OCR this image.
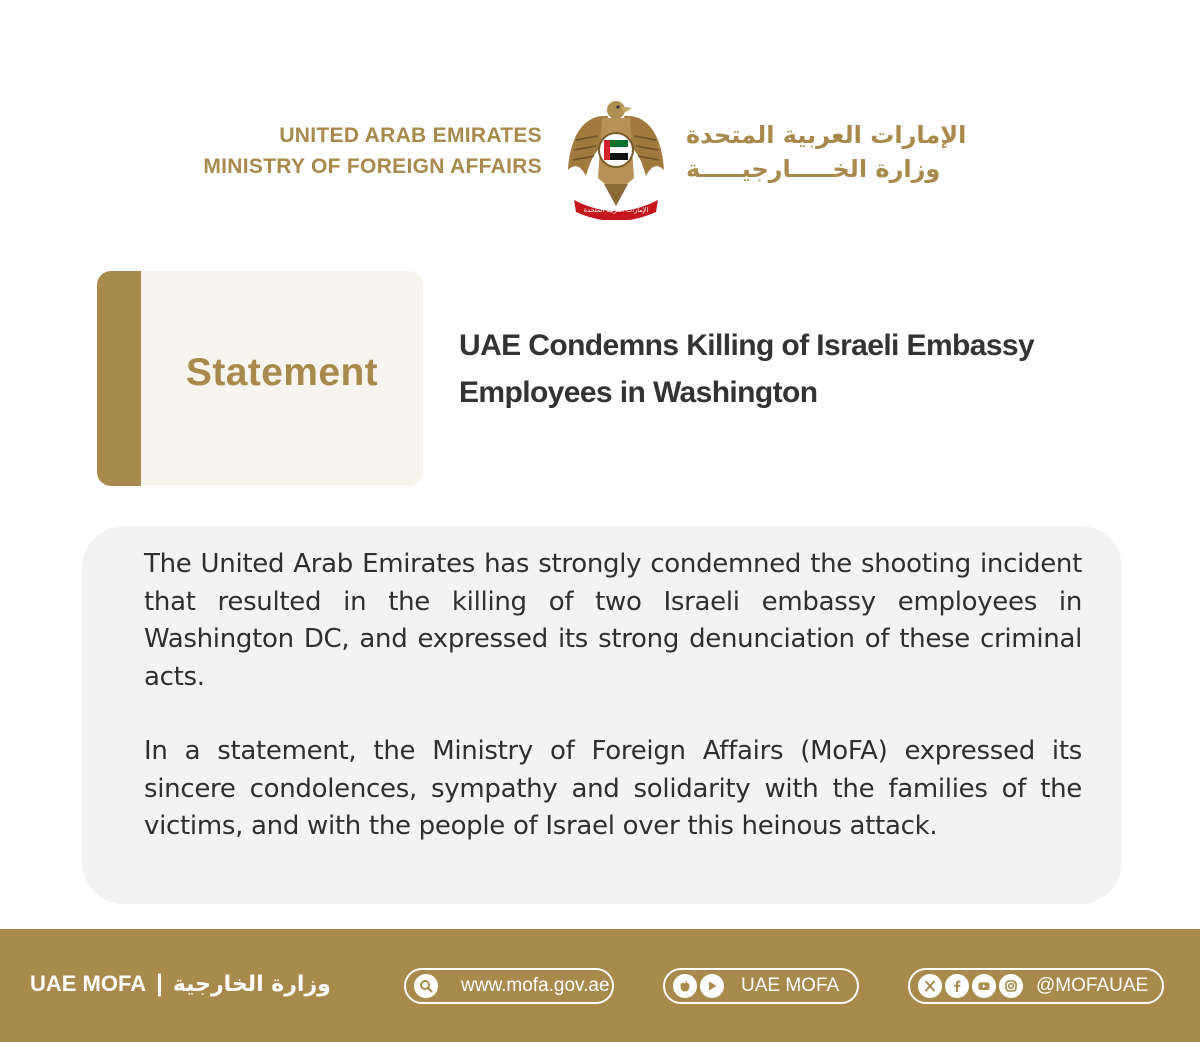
UNITED ARAB EMIRATES
MINISTRY OF FOREIGN AFFAIRS
الإمارات العربية المتحدة
الإمارات العربية المتحدة
وزارة الخـــــارجيـــــة
Statement
UAE Condemns Killing of Israeli Embassy
Employees in Washington

The United Arab Emirates has strongly condemned the shooting incident that resulted in the killing of two Israeli embassy employees in Washington DC, and expressed its strong denunciation of these criminal acts.

In a statement, the Ministry of Foreign Affairs (MoFA) expressed its sincere condolences, sympathy and solidarity with the families of the victims, and with the people of Israel over this heinous attack.

UAE MOFA | وزارة الخارجية	www.mofa.gov.ae	UAE MOFA	@MOFAUAE
